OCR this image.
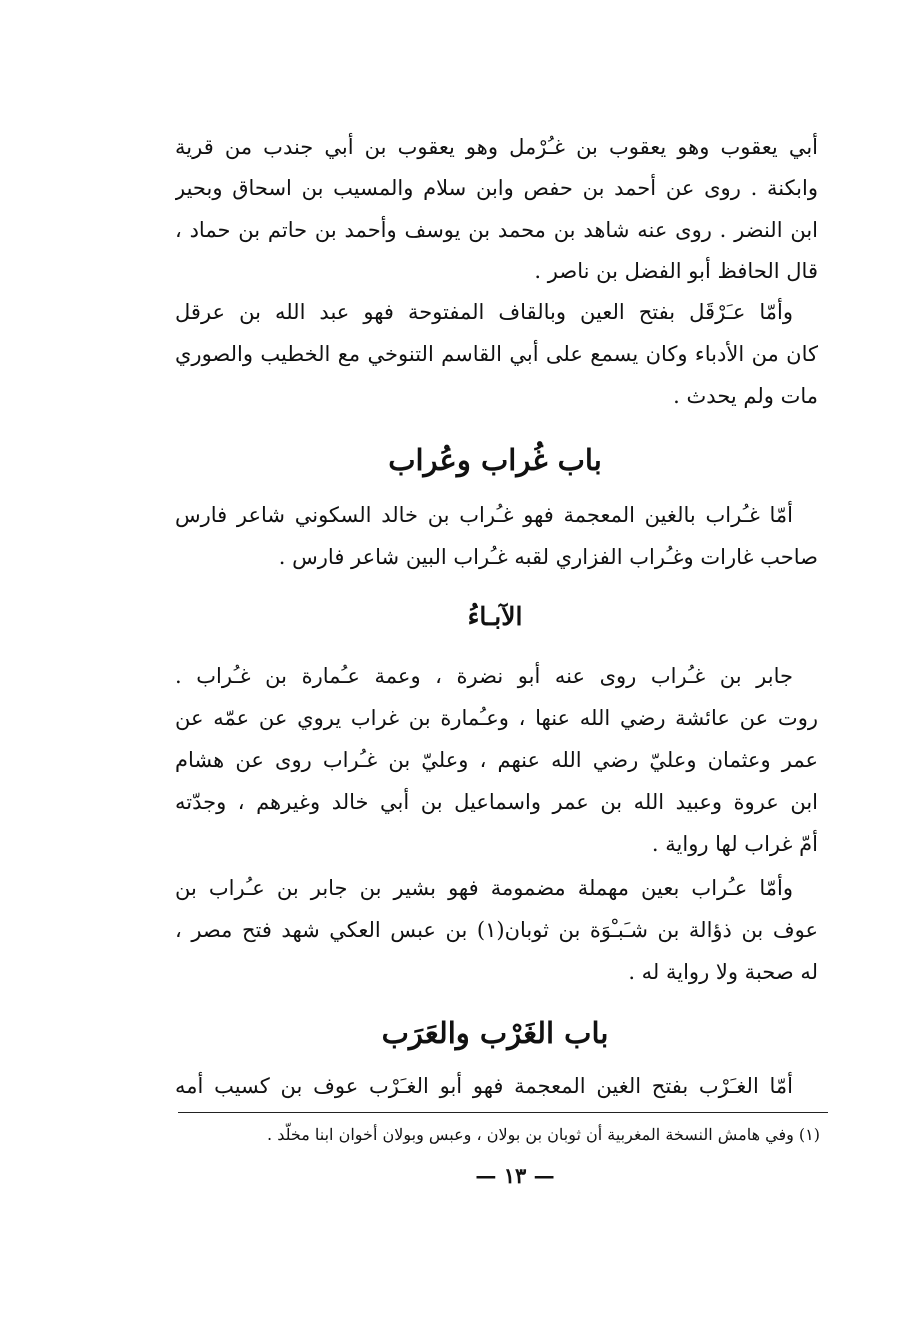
أبي يعقوب وهو يعقوب بن غـُرْمل وهو يعقوب بن أبي جندب من قرية
وابكنة . روى عن أحمد بن حفص وابن سلام والمسيب بن اسحاق وبحير
ابن النضر . روى عنه شاهد بن محمد بن يوسف وأحمد بن حاتم بن حماد ،
قال الحافظ أبو الفضل بن ناصر .
وأمّا عـَرْقَل بفتح العين وبالقاف المفتوحة فهو عبد الله بن عرقل
كان من الأدباء وكان يسمع على أبي القاسم التنوخي مع الخطيب والصوري
مات ولم يحدث .
باب غُراب وعُراب
أمّا غـُراب بالغين المعجمة فهو غـُراب بن خالد السكوني شاعر فارس
صاحب غارات وغـُراب الفزاري لقبه غـُراب البين شاعر فارس .
الآبـاءُ
جابر بن غـُراب روى عنه أبو نضرة ، وعمة عـُمارة بن غـُراب .
روت عن عائشة رضي الله عنها ، وعـُمارة بن غراب يروي عن عمّه عن
عمر وعثمان وعليّ رضي الله عنهم ، وعليّ بن غـُراب روى عن هشام
ابن عروة وعبيد الله بن عمر واسماعيل بن أبي خالد وغيرهم ، وجدّته
أمّ غراب لها رواية .
وأمّا عـُراب بعين مهملة مضمومة فهو بشير بن جابر بن عـُراب بن
عوف بن ذؤالة بن شـَبـْوَة بن ثوبان(١) بن عبس العكي شهد فتح مصر ،
له صحبة ولا رواية له .
باب الغَرْب والعَرَب
أمّا الغـَرْب بفتح الغين المعجمة فهو أبو الغـَرْب عوف بن كسيب أمه
(١) وفي هامش النسخة المغربية أن ثوبان بن بولان ، وعبس وبولان أخوان ابنا مخلّد .
— ١٣ —
